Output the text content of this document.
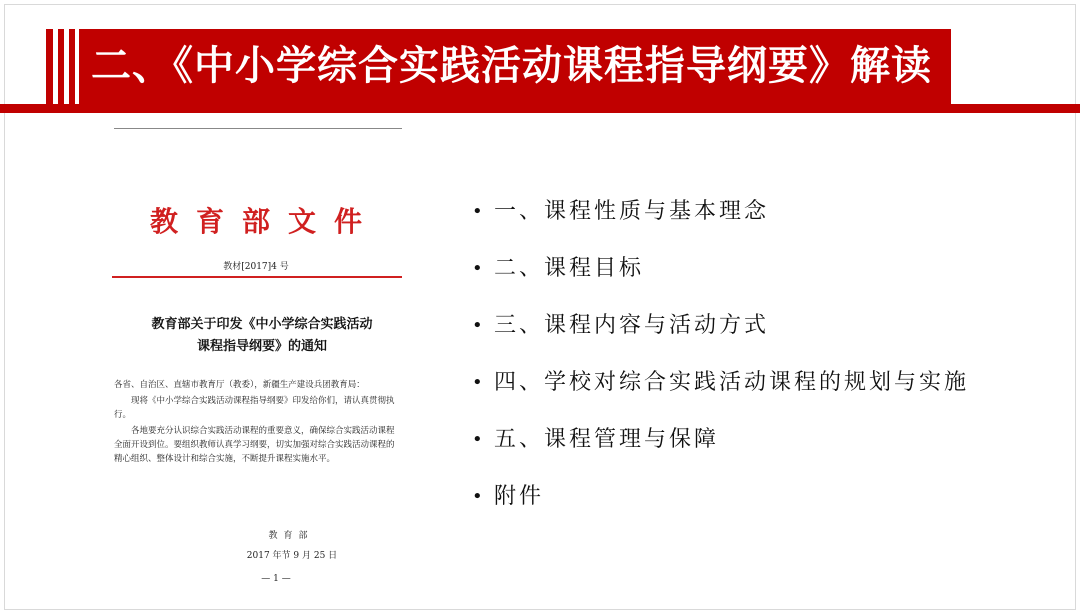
二、《中小学综合实践活动课程指导纲要》解读
教育部文件
教材[2017]4 号
教育部关于印发《中小学综合实践活动
课程指导纲要》的通知

各省、自治区、直辖市教育厅（教委），新疆生产建设兵团教育局：

现将《中小学综合实践活动课程指导纲要》印发给你们，请认真贯彻执行。

各地要充分认识综合实践活动课程的重要意义，确保综合实践活动课程全面开设到位。要组织教师认真学习纲要，切实加强对综合实践活动课程的精心组织、整体设计和综合实施，不断提升课程实施水平。

教育部
2017 年节 9 月 25 日
— 1 —
• 一、课程性质与基本理念
• 二、课程目标
• 三、课程内容与活动方式
• 四、学校对综合实践活动课程的规划与实施
• 五、课程管理与保障
• 附件
